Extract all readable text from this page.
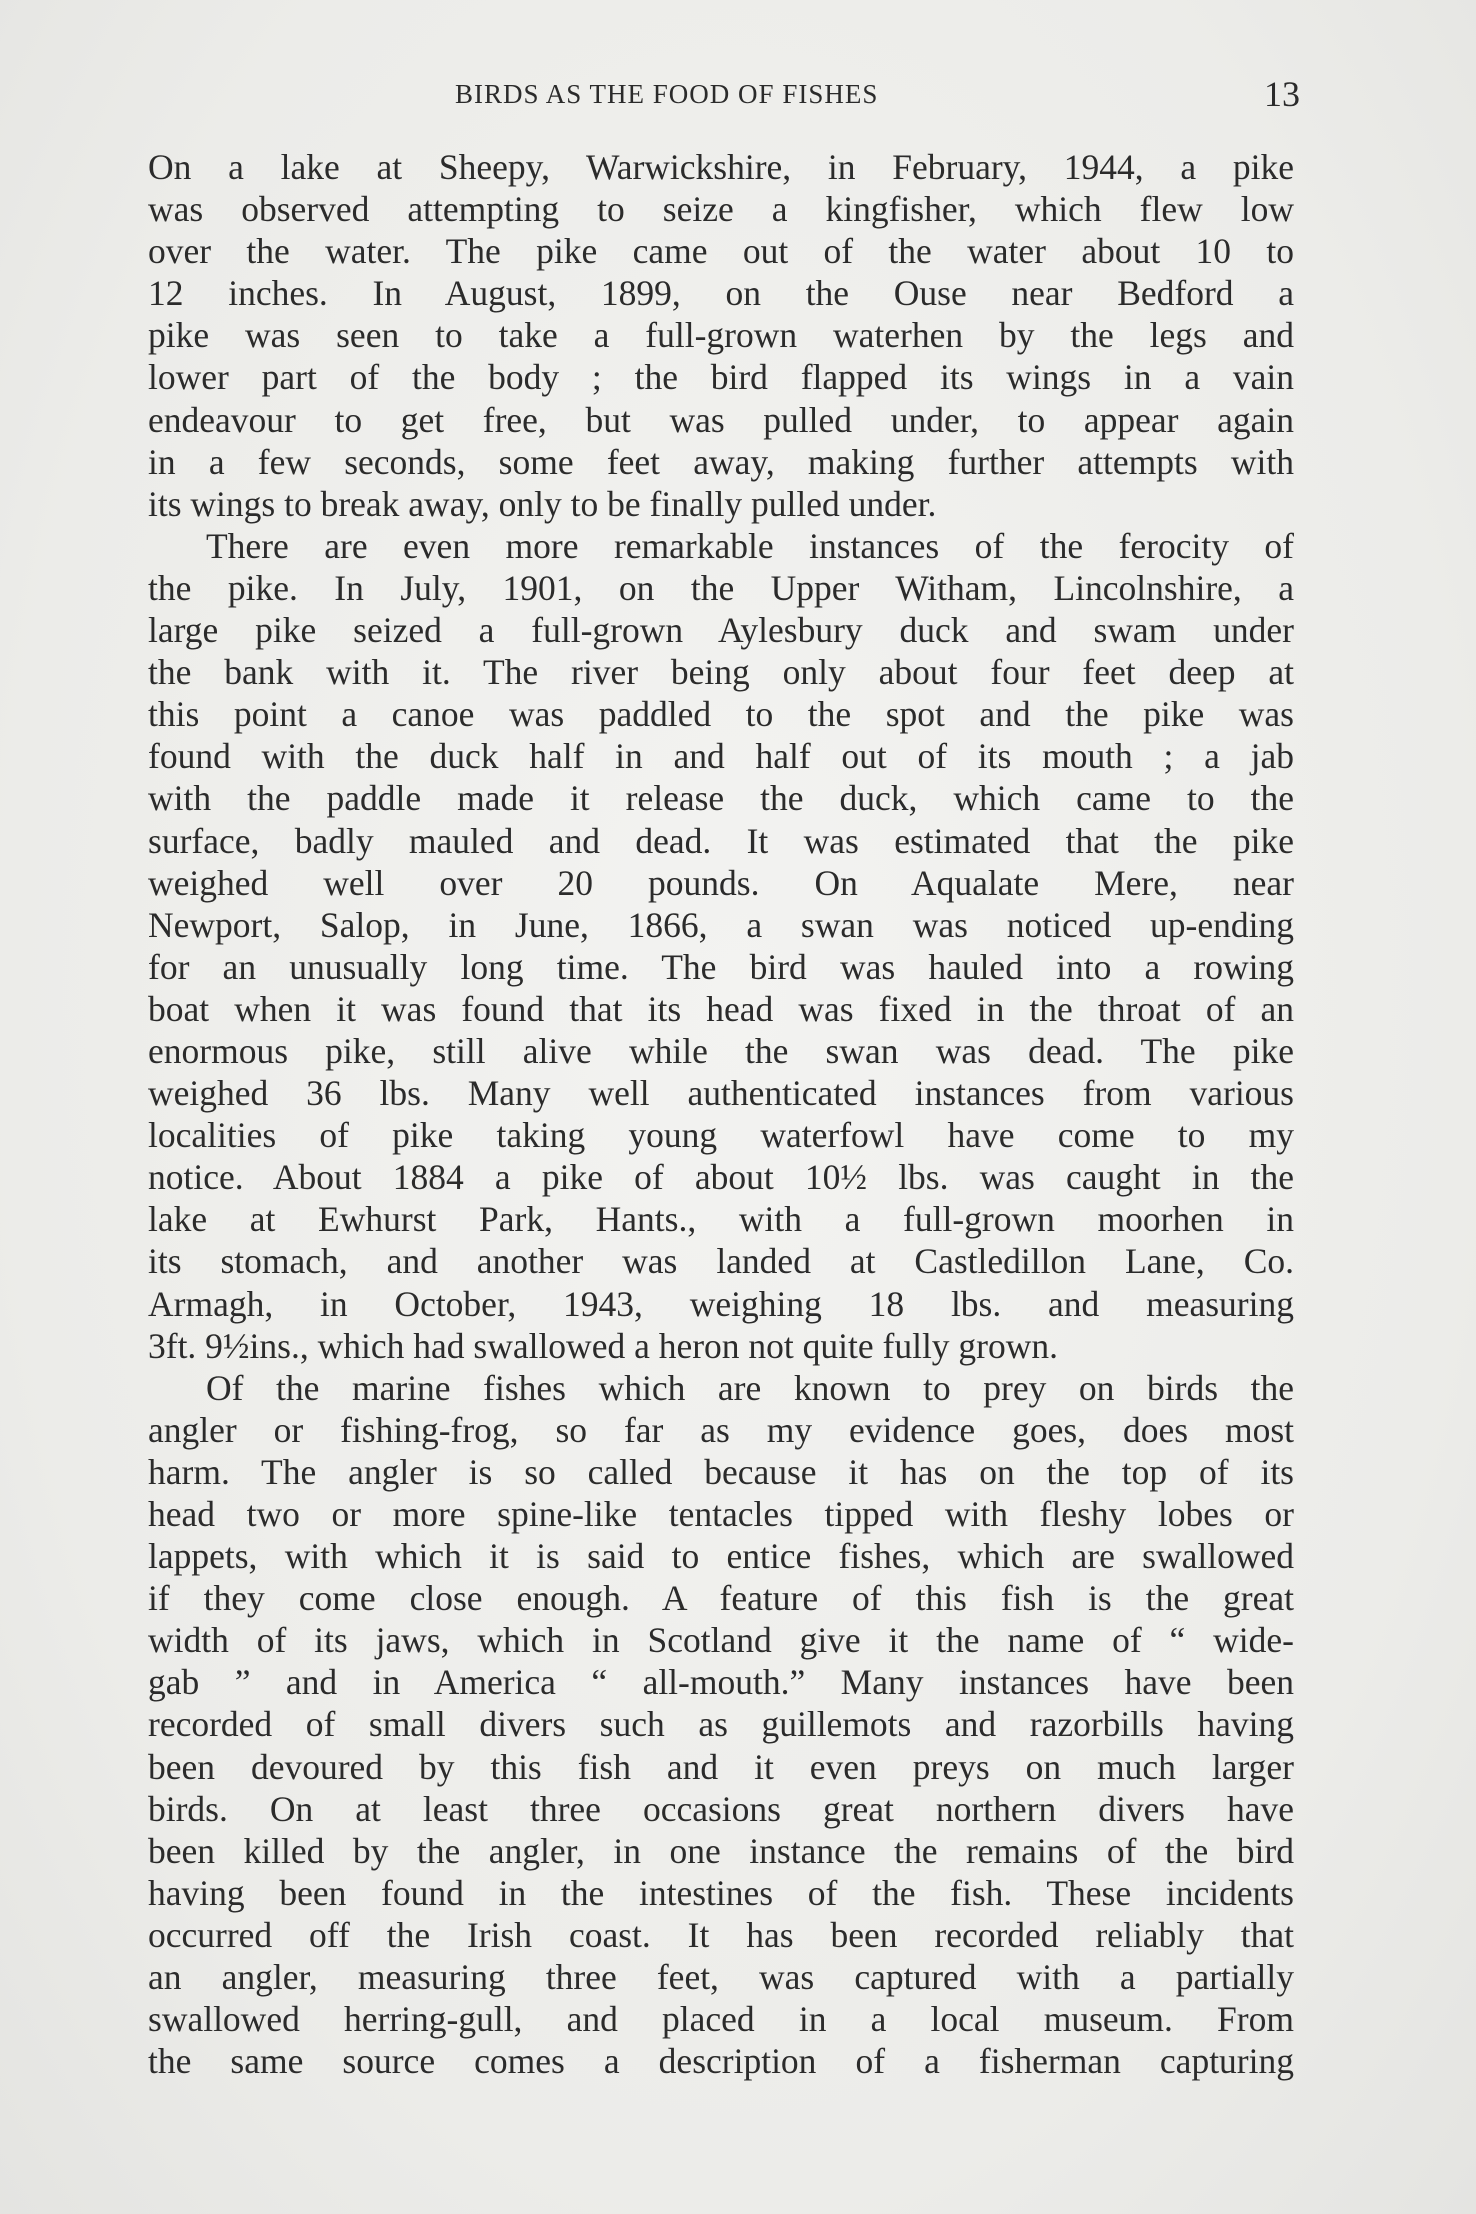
BIRDS AS THE FOOD OF FISHES	13
On a lake at Sheepy, Warwickshire, in February, 1944, a pike
was observed attempting to seize a kingfisher, which flew low
over the water. The pike came out of the water about 10 to
12 inches. In August, 1899, on the Ouse near Bedford a
pike was seen to take a full-grown waterhen by the legs and
lower part of the body ; the bird flapped its wings in a vain
endeavour to get free, but was pulled under, to appear again
in a few seconds, some feet away, making further attempts with
its wings to break away, only to be finally pulled under.
There are even more remarkable instances of the ferocity of
the pike. In July, 1901, on the Upper Witham, Lincolnshire, a
large pike seized a full-grown Aylesbury duck and swam under
the bank with it. The river being only about four feet deep at
this point a canoe was paddled to the spot and the pike was
found with the duck half in and half out of its mouth ; a jab
with the paddle made it release the duck, which came to the
surface, badly mauled and dead. It was estimated that the pike
weighed well over 20 pounds. On Aqualate Mere, near
Newport, Salop, in June, 1866, a swan was noticed up-ending
for an unusually long time. The bird was hauled into a rowing
boat when it was found that its head was fixed in the throat of an
enormous pike, still alive while the swan was dead. The pike
weighed 36 lbs. Many well authenticated instances from various
localities of pike taking young waterfowl have come to my
notice. About 1884 a pike of about 10½ lbs. was caught in the
lake at Ewhurst Park, Hants., with a full-grown moorhen in
its stomach, and another was landed at Castledillon Lane, Co.
Armagh, in October, 1943, weighing 18 lbs. and measuring
3ft. 9½ins., which had swallowed a heron not quite fully grown.
Of the marine fishes which are known to prey on birds the
angler or fishing-frog, so far as my evidence goes, does most
harm. The angler is so called because it has on the top of its
head two or more spine-like tentacles tipped with fleshy lobes or
lappets, with which it is said to entice fishes, which are swallowed
if they come close enough. A feature of this fish is the great
width of its jaws, which in Scotland give it the name of “ wide-
gab ” and in America “ all-mouth.” Many instances have been
recorded of small divers such as guillemots and razorbills having
been devoured by this fish and it even preys on much larger
birds. On at least three occasions great northern divers have
been killed by the angler, in one instance the remains of the bird
having been found in the intestines of the fish. These incidents
occurred off the Irish coast. It has been recorded reliably that
an angler, measuring three feet, was captured with a partially
swallowed herring-gull, and placed in a local museum. From
the same source comes a description of a fisherman capturing
